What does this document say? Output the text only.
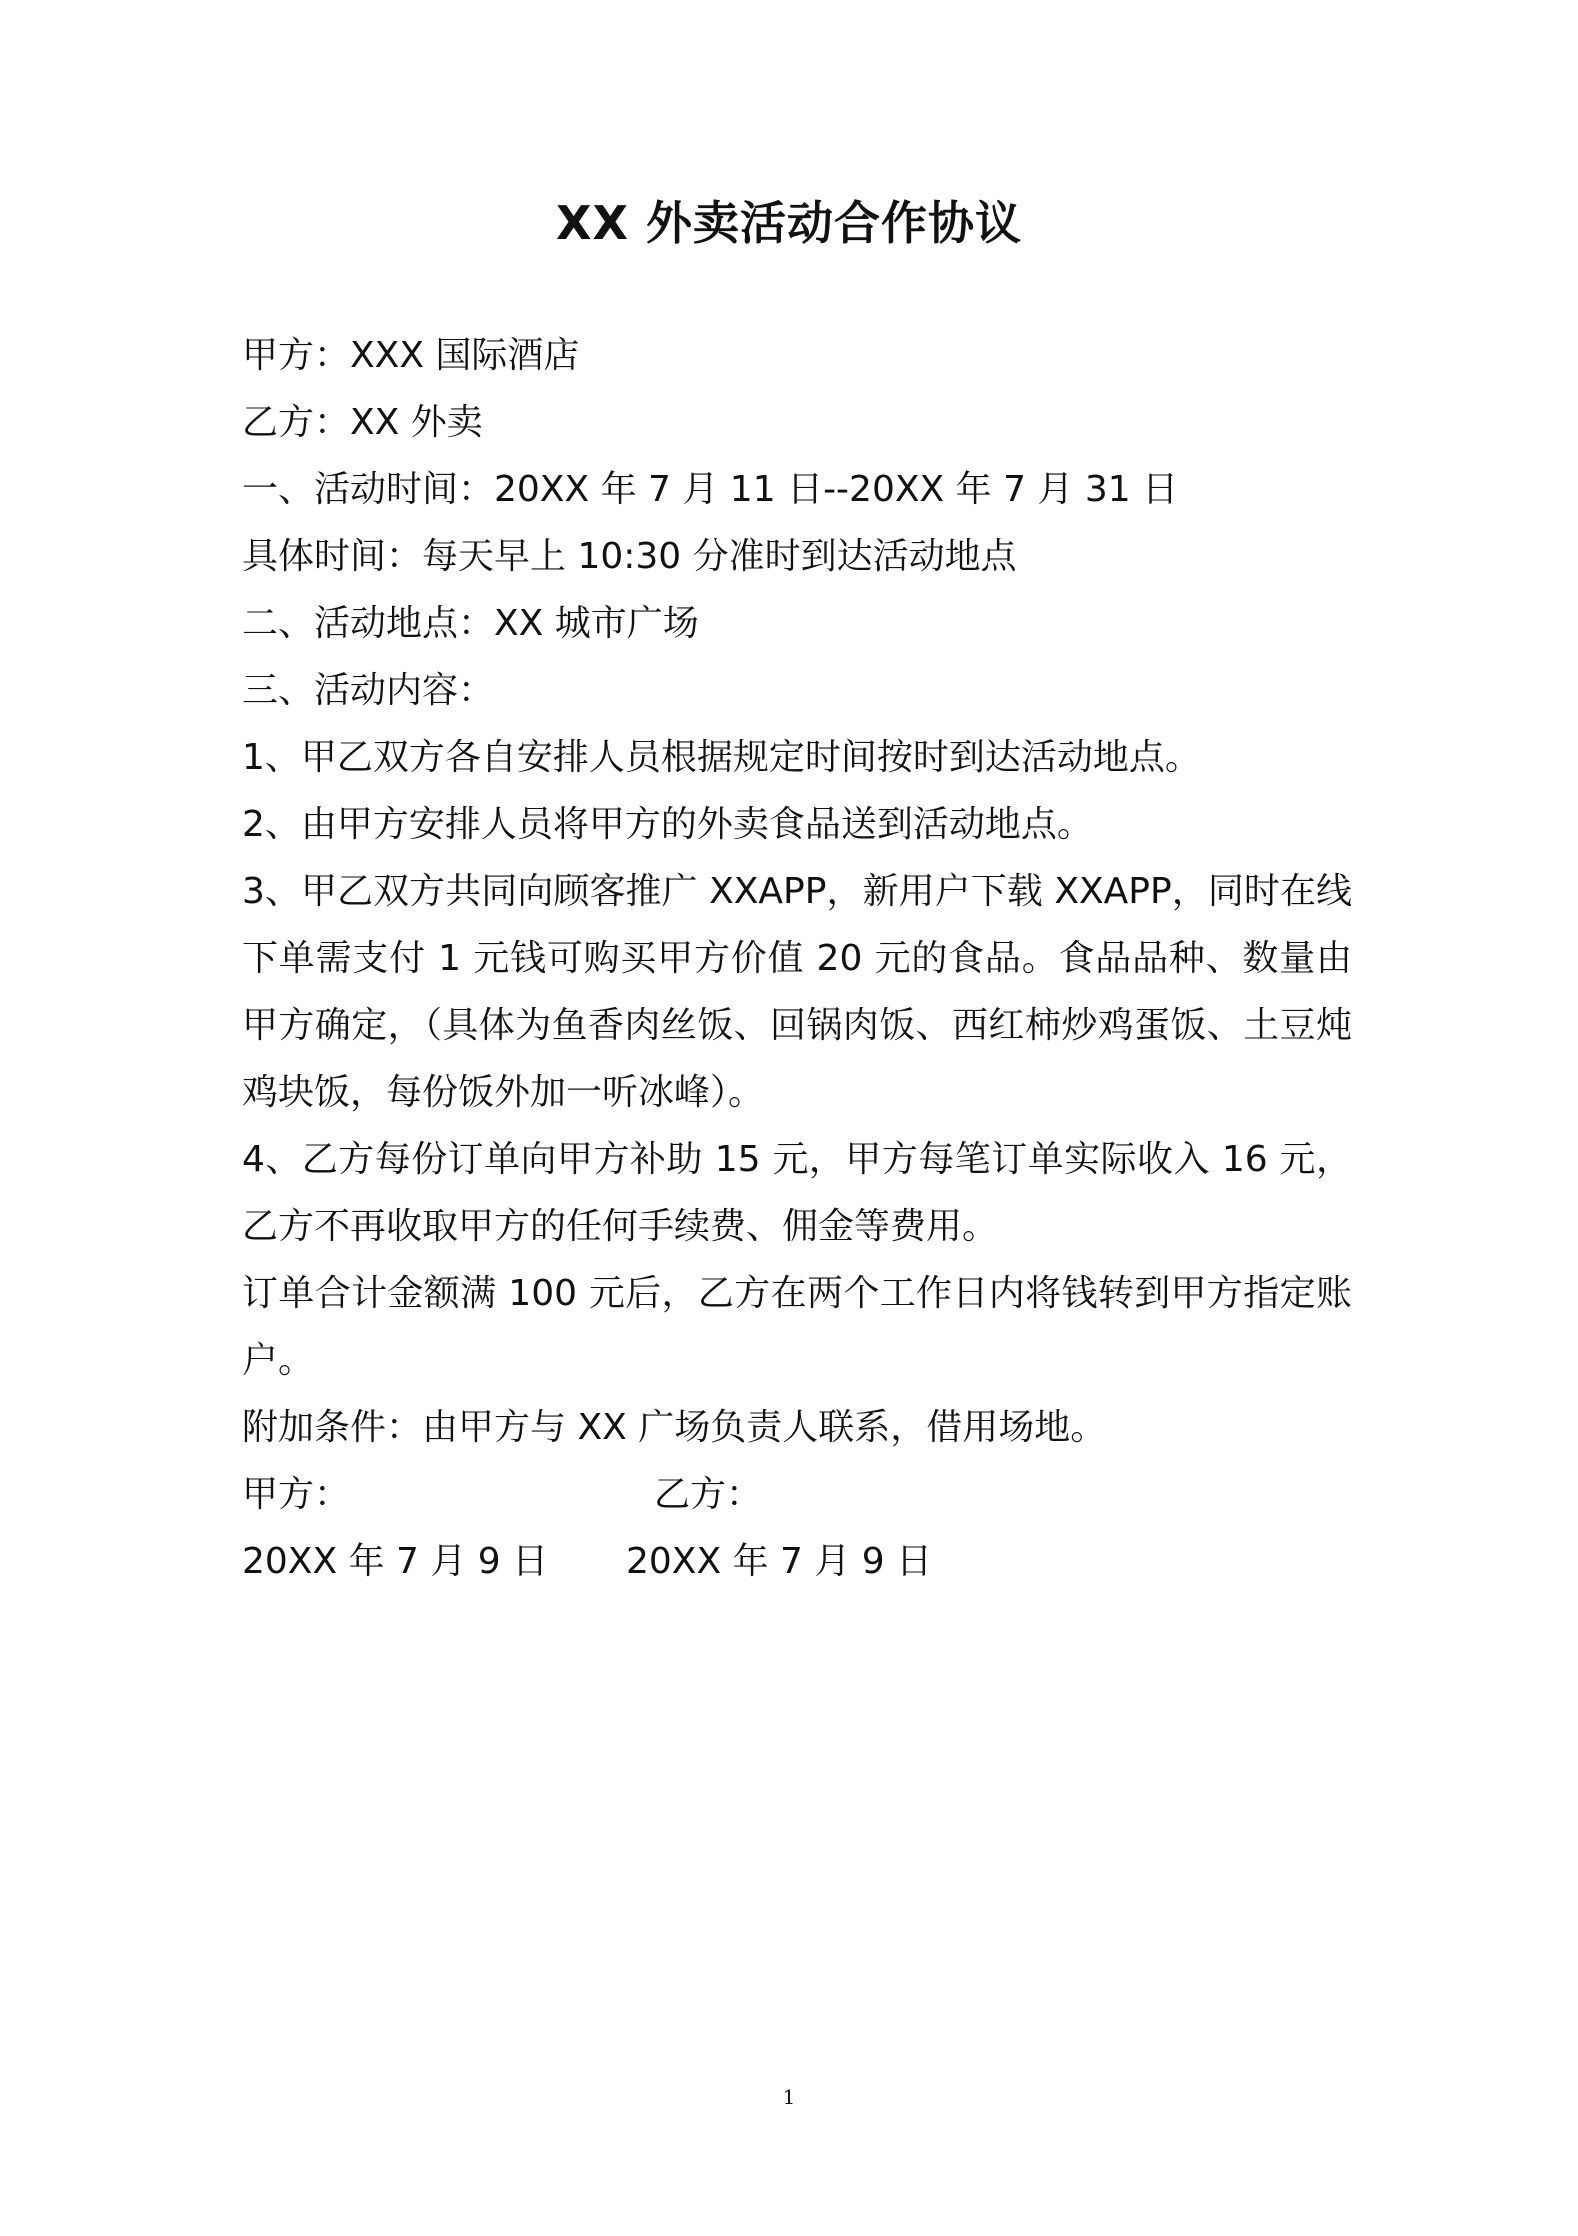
XX 外卖活动合作协议
甲方：XXX 国际酒店
乙方：XX 外卖
一、活动时间：20XX 年 7 月 11 日--20XX 年 7 月 31 日
具体时间：每天早上 10:30 分准时到达活动地点
二、活动地点：XX 城市广场
三、活动内容：
1、甲乙双方各自安排人员根据规定时间按时到达活动地点。
2、由甲方安排人员将甲方的外卖食品送到活动地点。
3、甲乙双方共同向顾客推广 XXAPP，新用户下载 XXAPP，同时在线下单需支付 1 元钱可购买甲方价值 20 元的食品。食品品种、数量由甲方确定，（具体为鱼香肉丝饭、回锅肉饭、西红柿炒鸡蛋饭、土豆炖鸡块饭，每份饭外加一听冰峰）。
4、乙方每份订单向甲方补助 15 元，甲方每笔订单实际收入 16 元，乙方不再收取甲方的任何手续费、佣金等费用。
订单合计金额满 100 元后，乙方在两个工作日内将钱转到甲方指定账户。
附加条件：由甲方与 XX 广场负责人联系，借用场地。
甲方：	乙方：
20XX 年 7 月 9 日 20XX 年 7 月 9 日
1
